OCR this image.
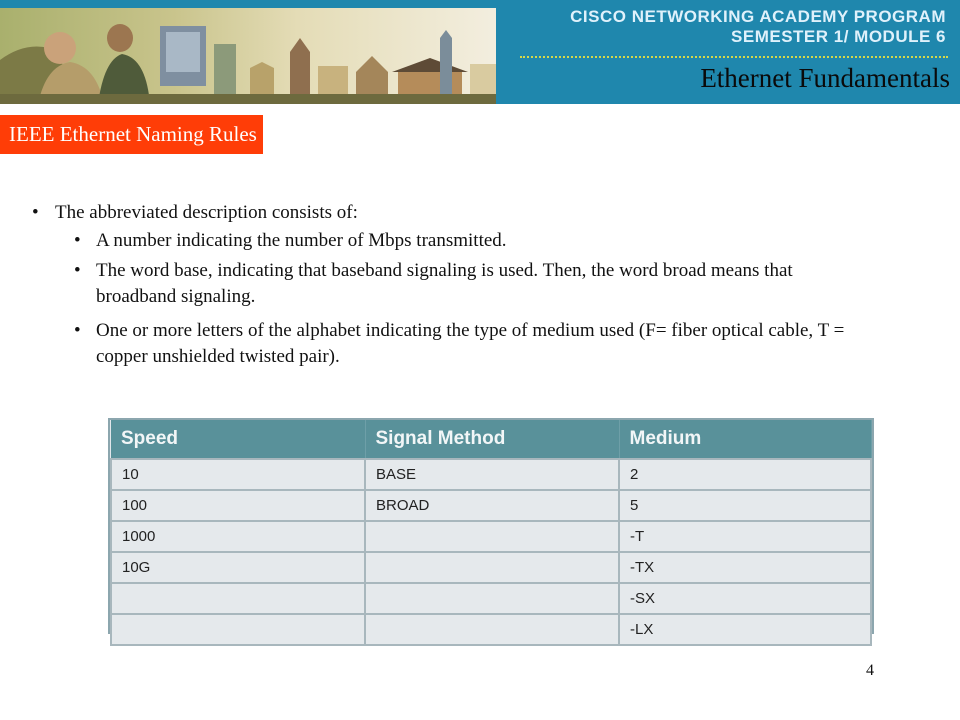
CISCO NETWORKING ACADEMY PROGRAM
SEMESTER 1/ MODULE 6
Ethernet Fundamentals
IEEE Ethernet Naming Rules
• The abbreviated description consists of:
• A number indicating the number of Mbps transmitted.
• The word base, indicating that baseband signaling is used. Then, the word broad means that broadband signaling.
• One or more letters of the alphabet indicating the type of medium used (F= fiber optical cable, T = copper unshielded twisted pair).
Speed	Signal Method	Medium
10	BASE	2
100	BROAD	5
1000		-T
10G		-TX
		-SX
		-LX
4
